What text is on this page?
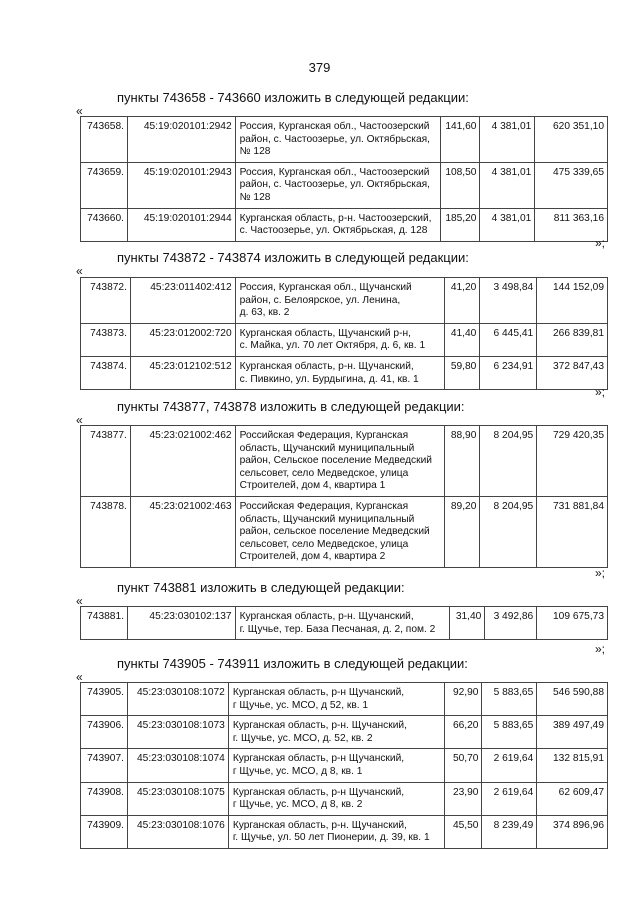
379
пункты 743658 - 743660 изложить в следующей редакции:
«
743658.	45:19:020101:2942	Россия, Курганская обл., Частоозерский
район, с. Частоозерье, ул. Октябрьская,
№ 128	141,60	4 381,01	620 351,10
743659.	45:19:020101:2943	Россия, Курганская обл., Частоозерский
район, с. Частоозерье, ул. Октябрьская,
№ 128	108,50	4 381,01	475 339,65
743660.	45:19:020101:2944	Курганская область, р-н. Частоозерский,
с. Частоозерье, ул. Октябрьская, д. 128	185,20	4 381,01	811 363,16
»;
пункты 743872 - 743874 изложить в следующей редакции:
«
743872.	45:23:011402:412	Россия, Курганская обл., Щучанский
район, с. Белоярское, ул. Ленина,
д. 63, кв. 2	41,20	3 498,84	144 152,09
743873.	45:23:012002:720	Курганская область, Щучанский р-н,
с. Майка, ул. 70 лет Октября, д. 6, кв. 1	41,40	6 445,41	266 839,81
743874.	45:23:012102:512	Курганская область, р-н. Щучанский,
с. Пивкино, ул. Бурдыгина, д. 41, кв. 1	59,80	6 234,91	372 847,43
»;
пункты 743877, 743878 изложить в следующей редакции:
«
743877.	45:23:021002:462	Российская Федерация, Курганская
область, Щучанский муниципальный
район, Сельское поселение Медведский
сельсовет, село Медведское, улица
Строителей, дом 4, квартира 1	88,90	8 204,95	729 420,35
743878.	45:23:021002:463	Российская Федерация, Курганская
область, Щучанский муниципальный
район, сельское поселение Медведский
сельсовет, село Медведское, улица
Строителей, дом 4, квартира 2	89,20	8 204,95	731 881,84
»;
пункт 743881 изложить в следующей редакции:
«
743881.	45:23:030102:137	Курганская область, р-н. Щучанский,
г. Щучье, тер. База Песчаная, д. 2, пом. 2
	31,40	3 492,86	109 675,73
»;
пункты 743905 - 743911 изложить в следующей редакции:
«
743905.	45:23:030108:1072	Курганская область, р-н Щучанский,
г Щучье, ус. МСО, д 52, кв. 1	92,90	5 883,65	546 590,88
743906.	45:23:030108:1073	Курганская область, р-н. Щучанский,
г. Щучье, ус. МСО, д. 52, кв. 2	66,20	5 883,65	389 497,49
743907.	45:23:030108:1074	Курганская область, р-н Щучанский,
г Щучье, ус. МСО, д 8, кв. 1	50,70	2 619,64	132 815,91
743908.	45:23:030108:1075	Курганская область, р-н Щучанский,
г Щучье, ус. МСО, д 8, кв. 2	23,90	2 619,64	62 609,47
743909.	45:23:030108:1076	Курганская область, р-н. Щучанский,
г. Щучье, ул. 50 лет Пионерии, д. 39, кв. 1	45,50	8 239,49	374 896,96
